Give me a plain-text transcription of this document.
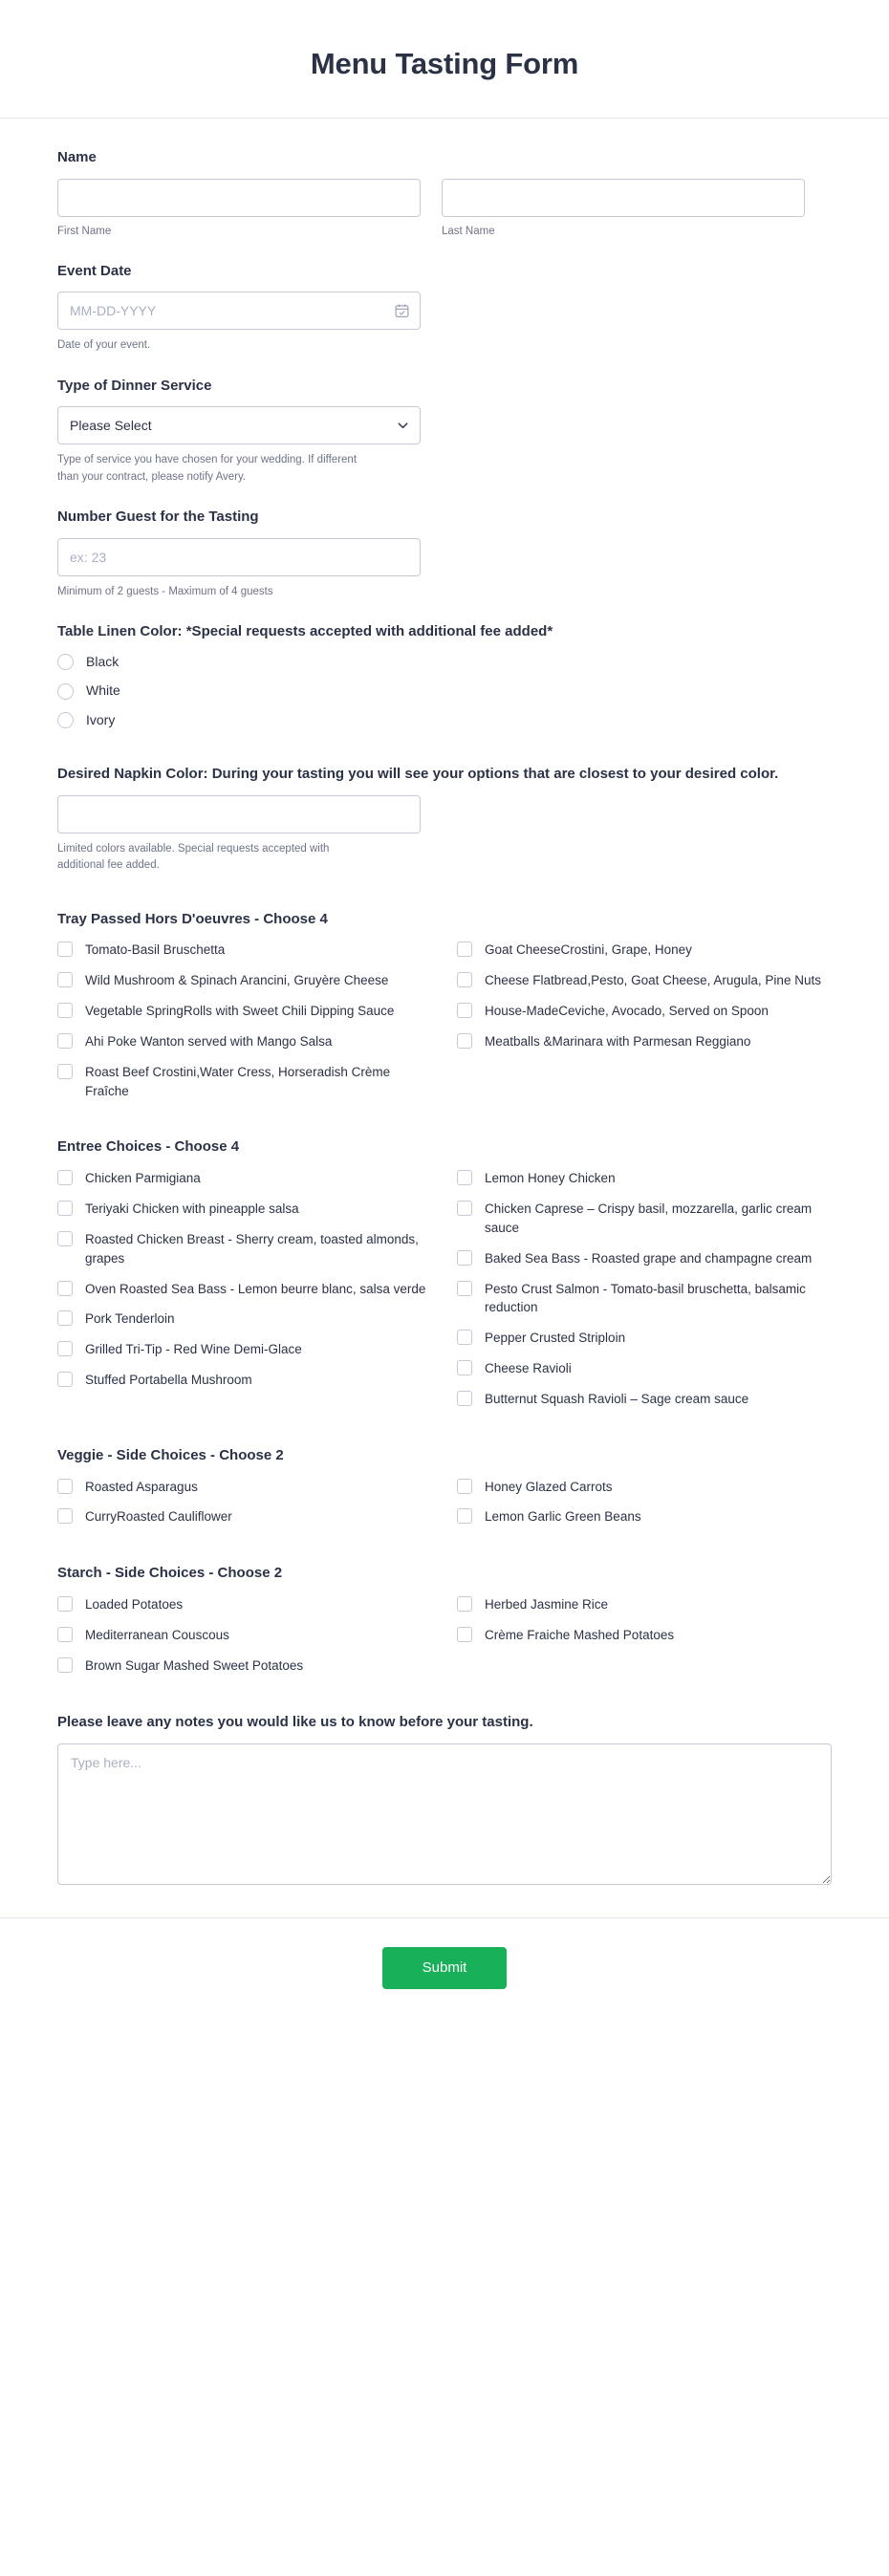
Menu Tasting Form
Name
First Name	Last Name
Event Date
MM-DD-YYYY
Date of your event.
Type of Dinner Service
Please Select
Type of service you have chosen for your wedding. If different than your contract, please notify Avery.
Number Guest for the Tasting
ex: 23
Minimum of 2 guests - Maximum of 4 guests
Table Linen Color: *Special requests accepted with additional fee added*
Black
White
Ivory
Desired Napkin Color: During your tasting you will see your options that are closest to your desired color.
Limited colors available. Special requests accepted with additional fee added.
Tray Passed Hors D'oeuvres - Choose 4
Tomato-Basil Bruschetta
Wild Mushroom & Spinach Arancini, Gruyère Cheese
Vegetable SpringRolls with Sweet Chili Dipping Sauce
Ahi Poke Wanton served with Mango Salsa
Roast Beef Crostini,Water Cress, Horseradish Crème Fraîche
Goat CheeseCrostini, Grape, Honey
Cheese Flatbread,Pesto, Goat Cheese, Arugula, Pine Nuts
House-MadeCeviche, Avocado, Served on Spoon
Meatballs &Marinara with Parmesan Reggiano
Entree Choices - Choose 4
Chicken Parmigiana
Teriyaki Chicken with pineapple salsa
Roasted Chicken Breast - Sherry cream, toasted almonds, grapes
Oven Roasted Sea Bass - Lemon beurre blanc, salsa verde
Pork Tenderloin
Grilled Tri-Tip - Red Wine Demi-Glace
Stuffed Portabella Mushroom
Lemon Honey Chicken
Chicken Caprese – Crispy basil, mozzarella, garlic cream sauce
Baked Sea Bass - Roasted grape and champagne cream
Pesto Crust Salmon - Tomato-basil bruschetta, balsamic reduction
Pepper Crusted Striploin
Cheese Ravioli
Butternut Squash Ravioli – Sage cream sauce
Veggie - Side Choices - Choose 2
Roasted Asparagus
CurryRoasted Cauliflower
Honey Glazed Carrots
Lemon Garlic Green Beans
Starch - Side Choices - Choose 2
Loaded Potatoes
Mediterranean Couscous
Brown Sugar Mashed Sweet Potatoes
Herbed Jasmine Rice
Crème Fraiche Mashed Potatoes
Please leave any notes you would like us to know before your tasting.
Type here...
Submit
